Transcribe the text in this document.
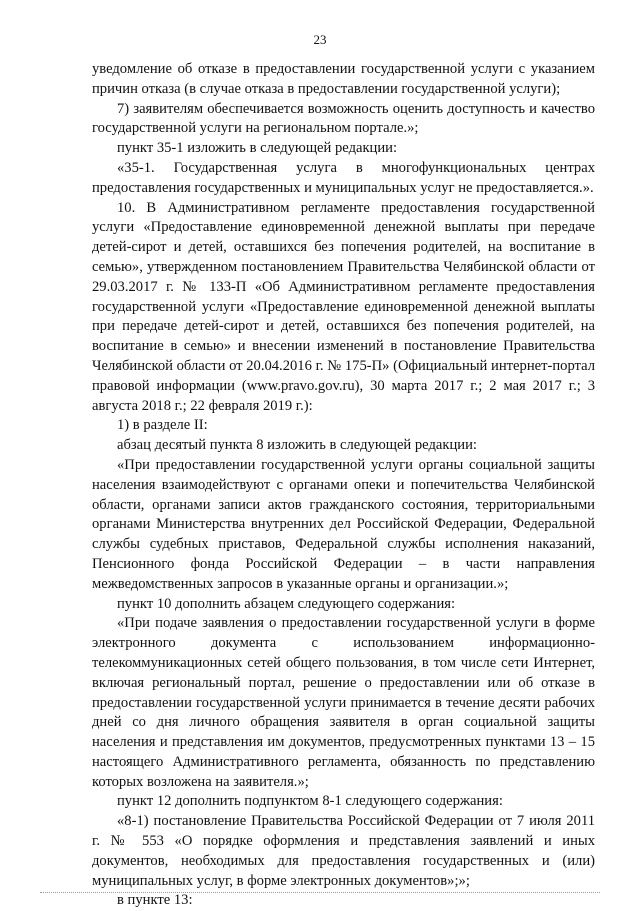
23

уведомление об отказе в предоставлении государственной услуги с указанием причин отказа (в случае отказа в предоставлении государственной услуги);

7) заявителям обеспечивается возможность оценить доступность и качество государственной услуги на региональном портале.»;

пункт 35-1 изложить в следующей редакции:

«35-1. Государственная услуга в многофункциональных центрах предоставления государственных и муниципальных услуг не предоставляется.».

10. В Административном регламенте предоставления государственной услуги «Предоставление единовременной денежной выплаты при передаче детей-сирот и детей, оставшихся без попечения родителей, на воспитание в семью», утвержденном постановлением Правительства Челябинской области от 29.03.2017 г. № 133-П «Об Административном регламенте предоставления государственной услуги «Предоставление единовременной денежной выплаты при передаче детей-сирот и детей, оставшихся без попечения родителей, на воспитание в семью» и внесении изменений в постановление Правительства Челябинской области от 20.04.2016 г. № 175-П» (Официальный интернет-портал правовой информации (www.pravo.gov.ru), 30 марта 2017 г.; 2 мая 2017 г.; 3 августа 2018 г.; 22 февраля 2019 г.):

1) в разделе II:

абзац десятый пункта 8 изложить в следующей редакции:

«При предоставлении государственной услуги органы социальной защиты населения взаимодействуют с органами опеки и попечительства Челябинской области, органами записи актов гражданского состояния, территориальными органами Министерства внутренних дел Российской Федерации, Федеральной службы судебных приставов, Федеральной службы исполнения наказаний, Пенсионного фонда Российской Федерации – в части направления межведомственных запросов в указанные органы и организации.»;

пункт 10 дополнить абзацем следующего содержания:

«При подаче заявления о предоставлении государственной услуги в форме электронного документа с использованием информационно-телекоммуникационных сетей общего пользования, в том числе сети Интернет, включая региональный портал, решение о предоставлении или об отказе в предоставлении государственной услуги принимается в течение десяти рабочих дней со дня личного обращения заявителя в орган социальной защиты населения и представления им документов, предусмотренных пунктами 13 – 15 настоящего Административного регламента, обязанность по представлению которых возложена на заявителя.»;

пункт 12 дополнить подпунктом 8-1 следующего содержания:

«8-1) постановление Правительства Российской Федерации от 7 июля 2011 г. № 553 «О порядке оформления и представления заявлений и иных документов, необходимых для предоставления государственных и (или) муниципальных услуг, в форме электронных документов»;»;

в пункте 13:
